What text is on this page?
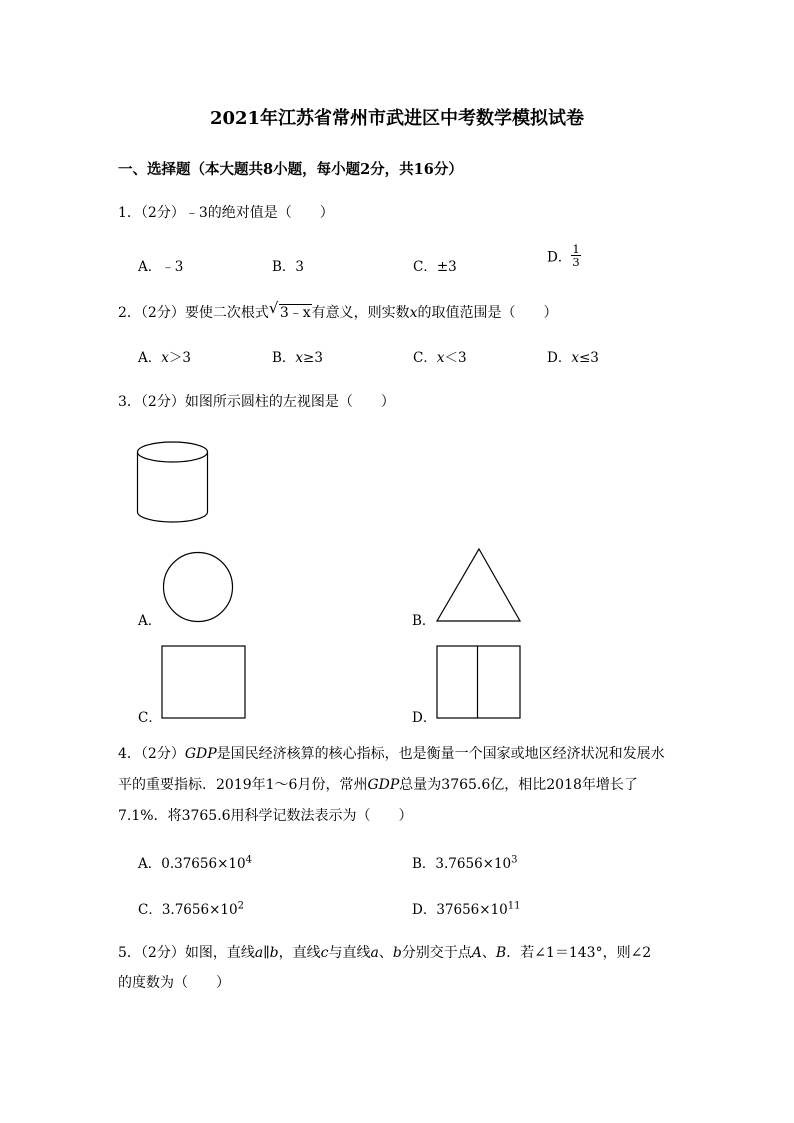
2021年江苏省常州市武进区中考数学模拟试卷
一、选择题（本大题共8小题，每小题2分，共16分）
1．（2分）﹣3的绝对值是（　　）
A．﹣3	B．3	C．±3
D． $\frac{1}{3}$
2．（2分）要使二次根式 √ 3﹣x有意义，则实数x的取值范围是（　　）
A．x＞3	B．x≥3	C．x＜3	D．x≤3
3．（2分）如图所示圆柱的左视图是（　　）
A．	B．
C．	D．
4．（2分）GDP是国民经济核算的核心指标，也是衡量一个国家或地区经济状况和发展水
平的重要指标．2019年1～6月份，常州GDP总量为3765.6亿，相比2018年增长了
7.1%．将3765.6用科学记数法表示为（　　）
A．$0.37656\times 10^4$	B．$3.7656\times 10^3$
C．$3.7656\times 10^2$	D．$37656\times 10^{11}$
5．（2分）如图，直线a∥b，直线c与直线a、b分别交于点A、B．若∠1＝143°，则∠2
的度数为（　　）
